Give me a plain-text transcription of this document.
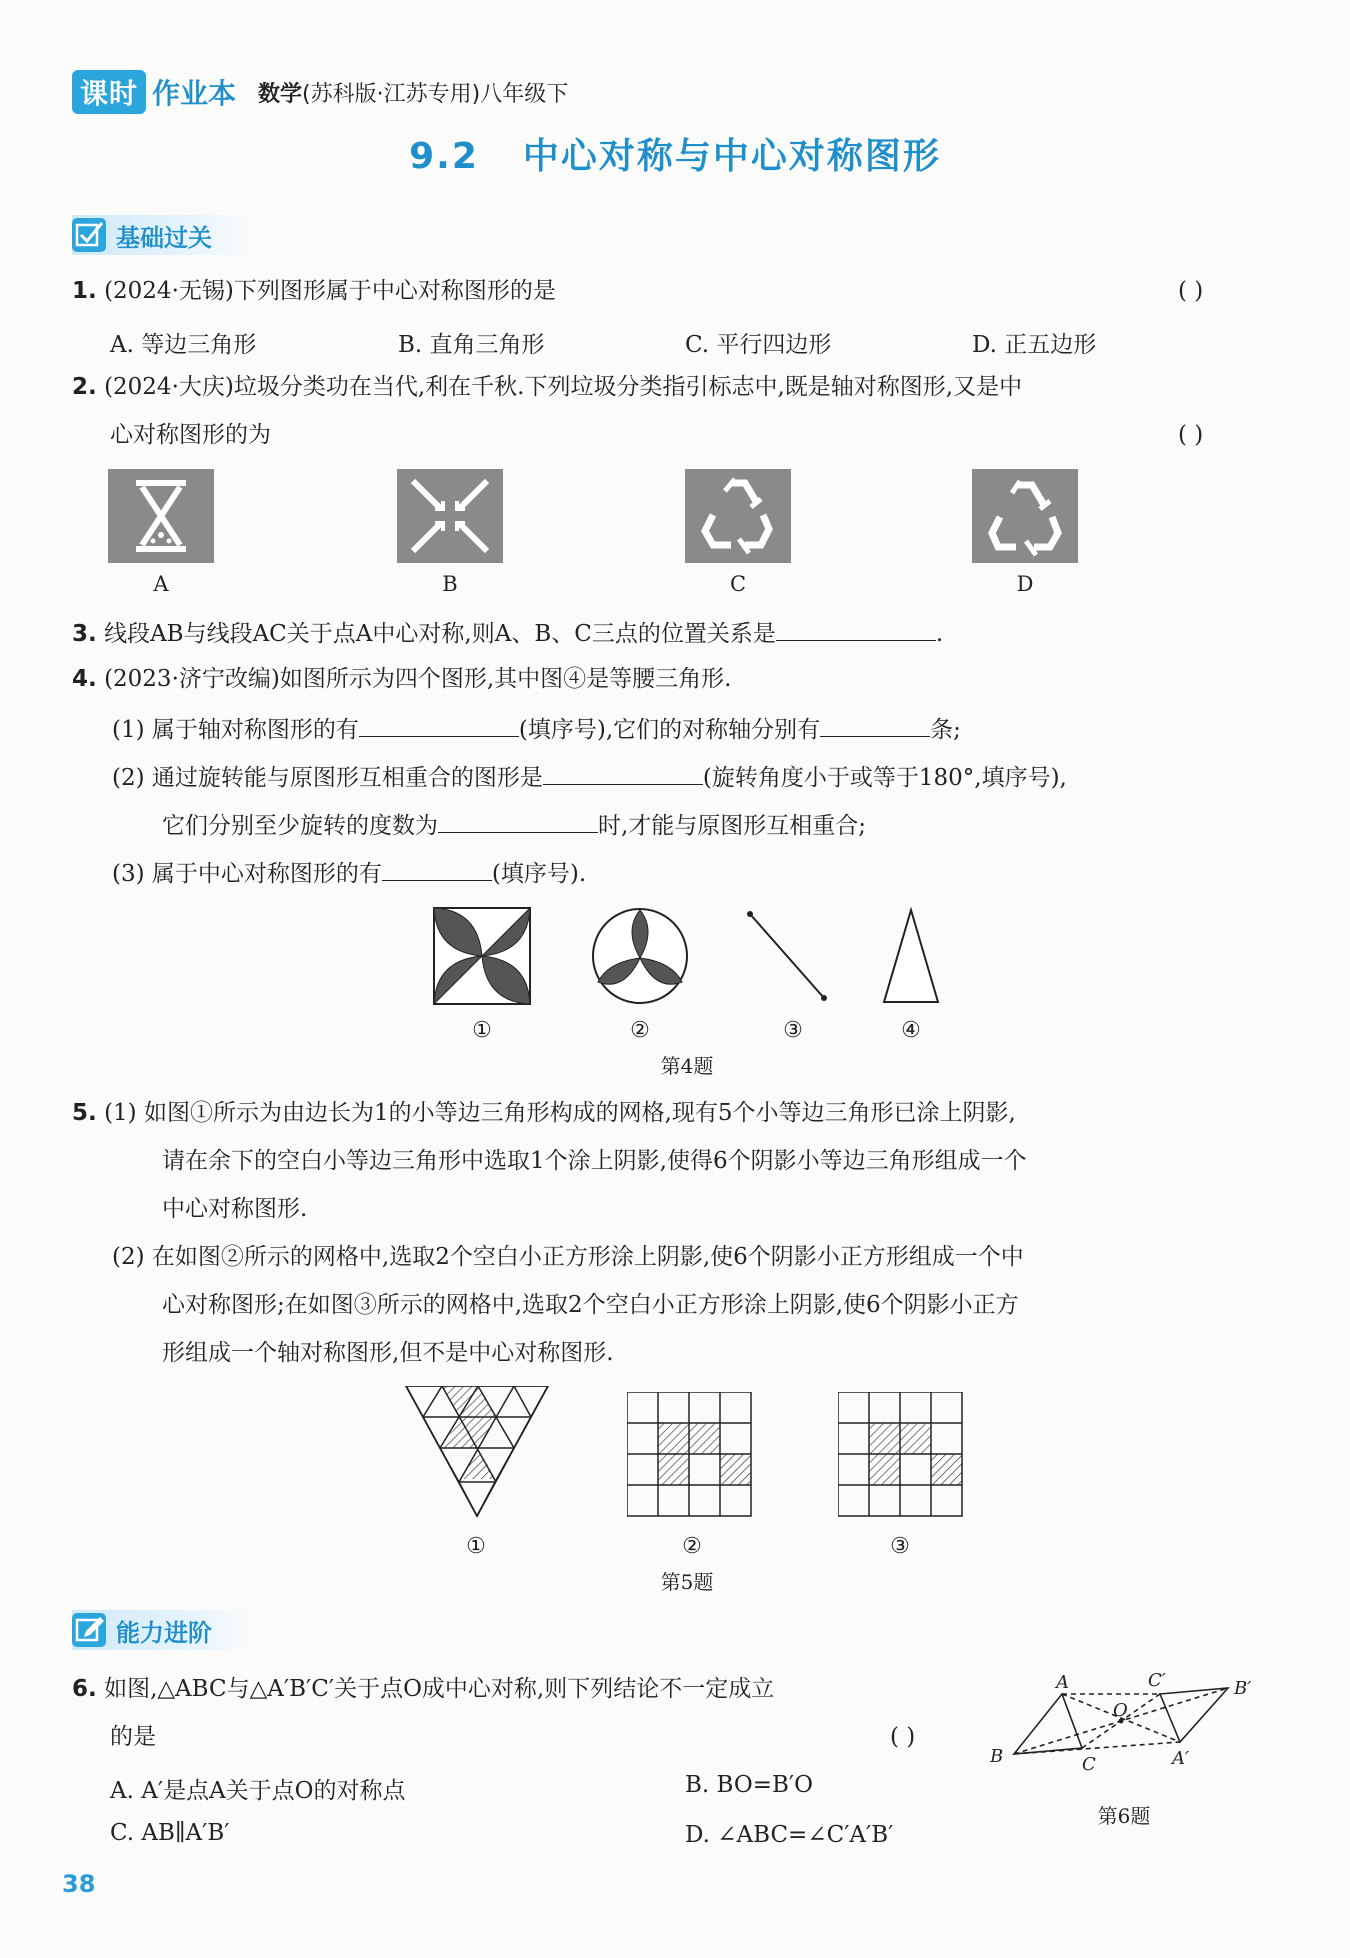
课时 作业本 数学(苏科版·江苏专用)八年级下
9.2 中心对称与中心对称图形
基础过关
1. (2024·无锡)下列图形属于中心对称图形的是	( )
A. 等边三角形	B. 直角三角形	C. 平行四边形	D. 正五边形
2. (2024·大庆)垃圾分类功在当代,利在千秋.下列垃圾分类指引标志中,既是轴对称图形,又是中
心对称图形的为	( )
A	B	C	D
3. 线段AB与线段AC关于点A中心对称,则A、B、C三点的位置关系是	.
4. (2023·济宁改编)如图所示为四个图形,其中图④是等腰三角形.
(1) 属于轴对称图形的有	(填序号),它们的对称轴分别有	条;
(2) 通过旋转能与原图形互相重合的图形是	(旋转角度小于或等于180°,填序号),
它们分别至少旋转的度数为	时,才能与原图形互相重合;
(3) 属于中心对称图形的有	(填序号).
①	②	③	④
第4题
5. (1) 如图①所示为由边长为1的小等边三角形构成的网格,现有5个小等边三角形已涂上阴影,
请在余下的空白小等边三角形中选取1个涂上阴影,使得6个阴影小等边三角形组成一个
中心对称图形.
(2) 在如图②所示的网格中,选取2个空白小正方形涂上阴影,使6个阴影小正方形组成一个中
心对称图形;在如图③所示的网格中,选取2个空白小正方形涂上阴影,使6个阴影小正方
形组成一个轴对称图形,但不是中心对称图形.
①	②	③
第5题
能力进阶
6. 如图,△ABC与△A′B′C′关于点O成中心对称,则下列结论不一定成立
的是	( )
A. A′是点A关于点O的对称点	B. BO=B′O
C. AB∥A′B′	D. ∠ABC=∠C′A′B′
A	C′
O
B′
B	C	A′
第6题
38
